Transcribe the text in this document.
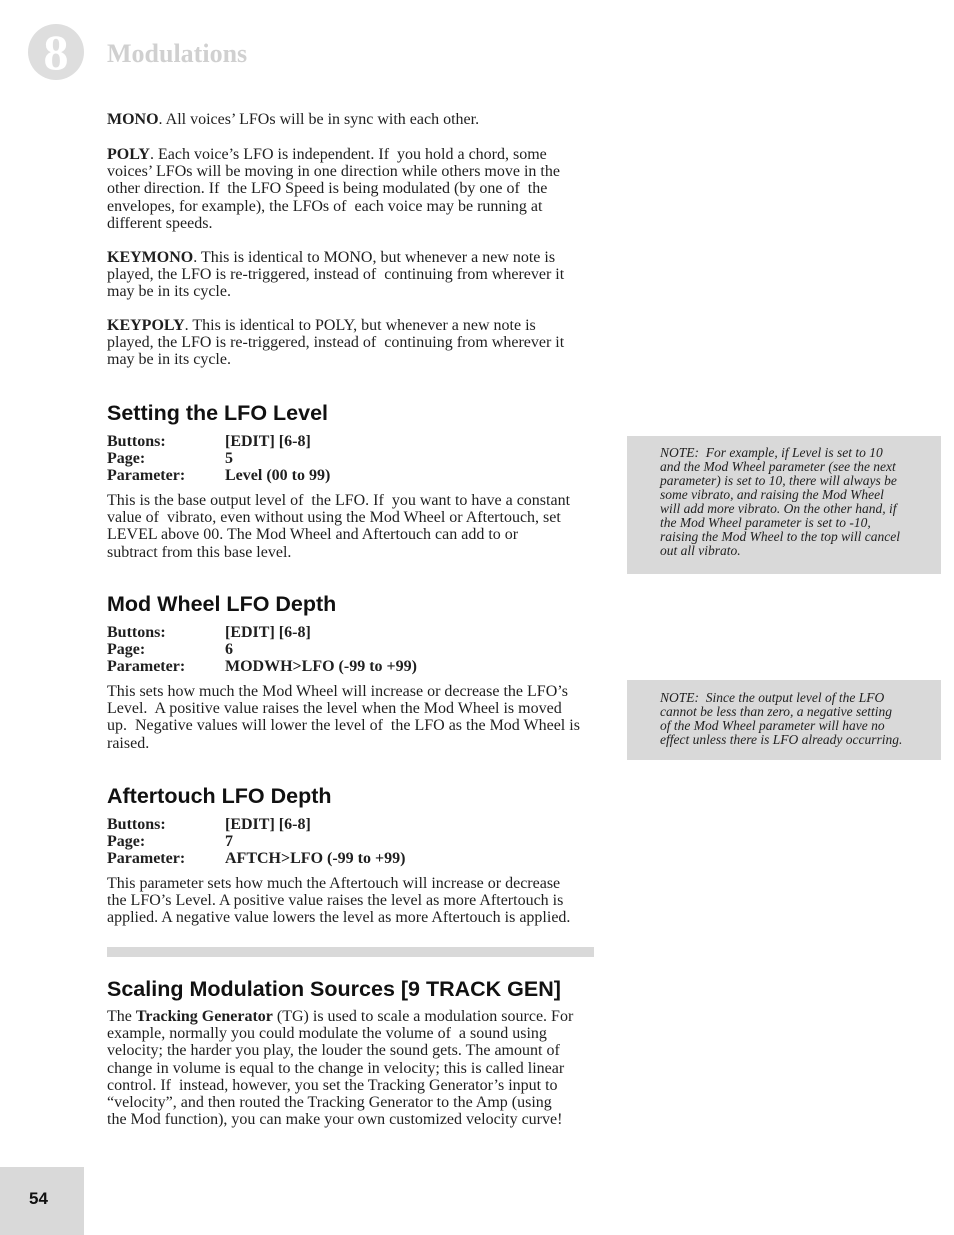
8	Modulations
MONO. All voices’ LFOs will be in sync with each other.
POLY. Each voice’s LFO is independent. If  you hold a chord, some
voices’ LFOs will be moving in one direction while others move in the
other direction. If  the LFO Speed is being modulated (by one of  the
envelopes, for example), the LFOs of  each voice may be running at
different speeds.
KEYMONO. This is identical to MONO, but whenever a new note is
played, the LFO is re-triggered, instead of  continuing from wherever it
may be in its cycle.
KEYPOLY. This is identical to POLY, but whenever a new note is
played, the LFO is re-triggered, instead of  continuing from wherever it
may be in its cycle.
Setting the LFO Level
Buttons:	[EDIT] [6-8]
Page:	5
Parameter: Level (00 to 99)
This is the base output level of  the LFO. If  you want to have a constant
value of  vibrato, even without using the Mod Wheel or Aftertouch, set
LEVEL above 00. The Mod Wheel and Aftertouch can add to or
subtract from this base level.
Mod Wheel LFO Depth
Buttons:	[EDIT] [6-8]
Page:	6
Parameter: MODWH>LFO (-99 to +99)
This sets how much the Mod Wheel will increase or decrease the LFO’s
Level.  A positive value raises the level when the Mod Wheel is moved
up.  Negative values will lower the level of  the LFO as the Mod Wheel is
raised.
Aftertouch LFO Depth
Buttons:	[EDIT] [6-8]
Page:	7
Parameter: AFTCH>LFO (-99 to +99)
This parameter sets how much the Aftertouch will increase or decrease
the LFO’s Level. A positive value raises the level as more Aftertouch is
applied. A negative value lowers the level as more Aftertouch is applied.
Scaling Modulation Sources [9 TRACK GEN]
The Tracking Generator (TG) is used to scale a modulation source. For
example, normally you could modulate the volume of  a sound using
velocity; the harder you play, the louder the sound gets. The amount of
change in volume is equal to the change in velocity; this is called linear
control. If  instead, however, you set the Tracking Generator’s input to
“velocity”, and then routed the Tracking Generator to the Amp (using
the Mod function), you can make your own customized velocity curve!
NOTE:  For example, if Level is set to 10
and the Mod Wheel parameter (see the next
parameter) is set to 10, there will always be
some vibrato, and raising the Mod Wheel
will add more vibrato. On the other hand, if
the Mod Wheel parameter is set to -10,
raising the Mod Wheel to the top will cancel
out all vibrato.
NOTE:  Since the output level of the LFO
cannot be less than zero, a negative setting
of the Mod Wheel parameter will have no
effect unless there is LFO already occurring.
54
